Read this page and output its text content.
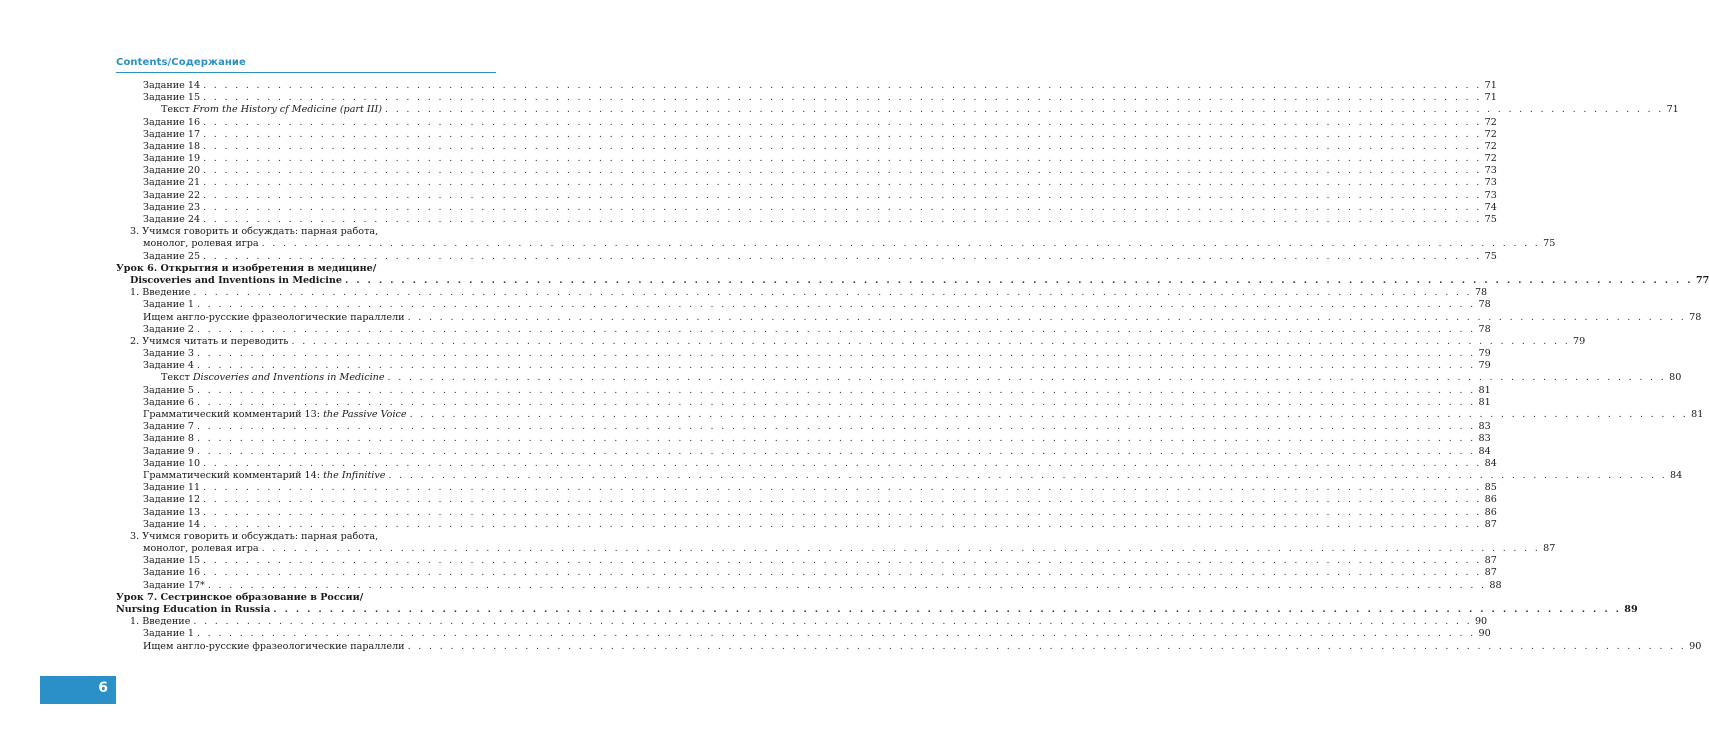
Contents/Содержание
Задание 14 . . . . . . . . . . . . . . . . . . . . . . . . . . . . . . . . . . . . . . . . . . . . . . . . . . . . . . . . . . . . . . . . . . . . . . . . . . . . . . . . . . . . . . . . . . . . . . . . . . . . . . . . . . . . . . . . . . . . . . . . 71
Задание 15 . . . . . . . . . . . . . . . . . . . . . . . . . . . . . . . . . . . . . . . . . . . . . . . . . . . . . . . . . . . . . . . . . . . . . . . . . . . . . . . . . . . . . . . . . . . . . . . . . . . . . . . . . . . . . . . . . . . . . . . . 71
Текст From the History cf Medicine (part III) . . . . . . . . . . . . . . . . . . . . . . . . . . . . . . . . . . . . . . . . . . . . . . . . . . . . . . . . . . . . . . . . . . . . . . . . . . . . . . . . . . . . . . . . . . . . . . . . . . . . . . . . . . . . . . . . . . . . . . . . 71
Задание 16 . . . . . . . . . . . . . . . . . . . . . . . . . . . . . . . . . . . . . . . . . . . . . . . . . . . . . . . . . . . . . . . . . . . . . . . . . . . . . . . . . . . . . . . . . . . . . . . . . . . . . . . . . . . . . . . . . . . . . . . . 72
Задание 17 . . . . . . . . . . . . . . . . . . . . . . . . . . . . . . . . . . . . . . . . . . . . . . . . . . . . . . . . . . . . . . . . . . . . . . . . . . . . . . . . . . . . . . . . . . . . . . . . . . . . . . . . . . . . . . . . . . . . . . . . 72
Задание 18 . . . . . . . . . . . . . . . . . . . . . . . . . . . . . . . . . . . . . . . . . . . . . . . . . . . . . . . . . . . . . . . . . . . . . . . . . . . . . . . . . . . . . . . . . . . . . . . . . . . . . . . . . . . . . . . . . . . . . . . . 72
Задание 19 . . . . . . . . . . . . . . . . . . . . . . . . . . . . . . . . . . . . . . . . . . . . . . . . . . . . . . . . . . . . . . . . . . . . . . . . . . . . . . . . . . . . . . . . . . . . . . . . . . . . . . . . . . . . . . . . . . . . . . . . 72
Задание 20 . . . . . . . . . . . . . . . . . . . . . . . . . . . . . . . . . . . . . . . . . . . . . . . . . . . . . . . . . . . . . . . . . . . . . . . . . . . . . . . . . . . . . . . . . . . . . . . . . . . . . . . . . . . . . . . . . . . . . . . . 73
Задание 21 . . . . . . . . . . . . . . . . . . . . . . . . . . . . . . . . . . . . . . . . . . . . . . . . . . . . . . . . . . . . . . . . . . . . . . . . . . . . . . . . . . . . . . . . . . . . . . . . . . . . . . . . . . . . . . . . . . . . . . . . 73
Задание 22 . . . . . . . . . . . . . . . . . . . . . . . . . . . . . . . . . . . . . . . . . . . . . . . . . . . . . . . . . . . . . . . . . . . . . . . . . . . . . . . . . . . . . . . . . . . . . . . . . . . . . . . . . . . . . . . . . . . . . . . . 73
Задание 23 . . . . . . . . . . . . . . . . . . . . . . . . . . . . . . . . . . . . . . . . . . . . . . . . . . . . . . . . . . . . . . . . . . . . . . . . . . . . . . . . . . . . . . . . . . . . . . . . . . . . . . . . . . . . . . . . . . . . . . . . 74
Задание 24 . . . . . . . . . . . . . . . . . . . . . . . . . . . . . . . . . . . . . . . . . . . . . . . . . . . . . . . . . . . . . . . . . . . . . . . . . . . . . . . . . . . . . . . . . . . . . . . . . . . . . . . . . . . . . . . . . . . . . . . . 75
3. Учимся говорить и обсуждать: парная работа,
монолог, ролевая игра . . . . . . . . . . . . . . . . . . . . . . . . . . . . . . . . . . . . . . . . . . . . . . . . . . . . . . . . . . . . . . . . . . . . . . . . . . . . . . . . . . . . . . . . . . . . . . . . . . . . . . . . . . . . . . . . . . . . . . . . 75
Задание 25 . . . . . . . . . . . . . . . . . . . . . . . . . . . . . . . . . . . . . . . . . . . . . . . . . . . . . . . . . . . . . . . . . . . . . . . . . . . . . . . . . . . . . . . . . . . . . . . . . . . . . . . . . . . . . . . . . . . . . . . . 75
Урок 6. Открытия и изобретения в медицине/
Discoveries and Inventions in Medicine . . . . . . . . . . . . . . . . . . . . . . . . . . . . . . . . . . . . . . . . . . . . . . . . . . . . . . . . . . . . . . . . . . . . . . . . . . . . . . . . . . . . . . . . . . . . . . . . . . . . . . . . . . . . . . . . . . . . . . . . 77
1. Введение . . . . . . . . . . . . . . . . . . . . . . . . . . . . . . . . . . . . . . . . . . . . . . . . . . . . . . . . . . . . . . . . . . . . . . . . . . . . . . . . . . . . . . . . . . . . . . . . . . . . . . . . . . . . . . . . . . . . . . . . 78
Задание 1 . . . . . . . . . . . . . . . . . . . . . . . . . . . . . . . . . . . . . . . . . . . . . . . . . . . . . . . . . . . . . . . . . . . . . . . . . . . . . . . . . . . . . . . . . . . . . . . . . . . . . . . . . . . . . . . . . . . . . . . . 78
Ищем англо-русские фразеологические параллели . . . . . . . . . . . . . . . . . . . . . . . . . . . . . . . . . . . . . . . . . . . . . . . . . . . . . . . . . . . . . . . . . . . . . . . . . . . . . . . . . . . . . . . . . . . . . . . . . . . . . . . . . . . . . . . . . . . . . . . . 78
Задание 2 . . . . . . . . . . . . . . . . . . . . . . . . . . . . . . . . . . . . . . . . . . . . . . . . . . . . . . . . . . . . . . . . . . . . . . . . . . . . . . . . . . . . . . . . . . . . . . . . . . . . . . . . . . . . . . . . . . . . . . . . 78
2. Учимся читать и переводить . . . . . . . . . . . . . . . . . . . . . . . . . . . . . . . . . . . . . . . . . . . . . . . . . . . . . . . . . . . . . . . . . . . . . . . . . . . . . . . . . . . . . . . . . . . . . . . . . . . . . . . . . . . . . . . . . . . . . . . . 79
Задание 3 . . . . . . . . . . . . . . . . . . . . . . . . . . . . . . . . . . . . . . . . . . . . . . . . . . . . . . . . . . . . . . . . . . . . . . . . . . . . . . . . . . . . . . . . . . . . . . . . . . . . . . . . . . . . . . . . . . . . . . . . 79
Задание 4 . . . . . . . . . . . . . . . . . . . . . . . . . . . . . . . . . . . . . . . . . . . . . . . . . . . . . . . . . . . . . . . . . . . . . . . . . . . . . . . . . . . . . . . . . . . . . . . . . . . . . . . . . . . . . . . . . . . . . . . . 79
Текст Discoveries and Inventions in Medicine . . . . . . . . . . . . . . . . . . . . . . . . . . . . . . . . . . . . . . . . . . . . . . . . . . . . . . . . . . . . . . . . . . . . . . . . . . . . . . . . . . . . . . . . . . . . . . . . . . . . . . . . . . . . . . . . . . . . . . . . 80
Задание 5 . . . . . . . . . . . . . . . . . . . . . . . . . . . . . . . . . . . . . . . . . . . . . . . . . . . . . . . . . . . . . . . . . . . . . . . . . . . . . . . . . . . . . . . . . . . . . . . . . . . . . . . . . . . . . . . . . . . . . . . . 81
Задание 6 . . . . . . . . . . . . . . . . . . . . . . . . . . . . . . . . . . . . . . . . . . . . . . . . . . . . . . . . . . . . . . . . . . . . . . . . . . . . . . . . . . . . . . . . . . . . . . . . . . . . . . . . . . . . . . . . . . . . . . . . 81
Грамматический комментарий 13: the Passive Voice . . . . . . . . . . . . . . . . . . . . . . . . . . . . . . . . . . . . . . . . . . . . . . . . . . . . . . . . . . . . . . . . . . . . . . . . . . . . . . . . . . . . . . . . . . . . . . . . . . . . . . . . . . . . . . . . . . . . . . . . 81
Задание 7 . . . . . . . . . . . . . . . . . . . . . . . . . . . . . . . . . . . . . . . . . . . . . . . . . . . . . . . . . . . . . . . . . . . . . . . . . . . . . . . . . . . . . . . . . . . . . . . . . . . . . . . . . . . . . . . . . . . . . . . . 83
Задание 8 . . . . . . . . . . . . . . . . . . . . . . . . . . . . . . . . . . . . . . . . . . . . . . . . . . . . . . . . . . . . . . . . . . . . . . . . . . . . . . . . . . . . . . . . . . . . . . . . . . . . . . . . . . . . . . . . . . . . . . . . 83
Задание 9 . . . . . . . . . . . . . . . . . . . . . . . . . . . . . . . . . . . . . . . . . . . . . . . . . . . . . . . . . . . . . . . . . . . . . . . . . . . . . . . . . . . . . . . . . . . . . . . . . . . . . . . . . . . . . . . . . . . . . . . . 84
Задание 10 . . . . . . . . . . . . . . . . . . . . . . . . . . . . . . . . . . . . . . . . . . . . . . . . . . . . . . . . . . . . . . . . . . . . . . . . . . . . . . . . . . . . . . . . . . . . . . . . . . . . . . . . . . . . . . . . . . . . . . . . 84
Грамматический комментарий 14: the Infinitive . . . . . . . . . . . . . . . . . . . . . . . . . . . . . . . . . . . . . . . . . . . . . . . . . . . . . . . . . . . . . . . . . . . . . . . . . . . . . . . . . . . . . . . . . . . . . . . . . . . . . . . . . . . . . . . . . . . . . . . . 84
Задание 11 . . . . . . . . . . . . . . . . . . . . . . . . . . . . . . . . . . . . . . . . . . . . . . . . . . . . . . . . . . . . . . . . . . . . . . . . . . . . . . . . . . . . . . . . . . . . . . . . . . . . . . . . . . . . . . . . . . . . . . . . 85
Задание 12 . . . . . . . . . . . . . . . . . . . . . . . . . . . . . . . . . . . . . . . . . . . . . . . . . . . . . . . . . . . . . . . . . . . . . . . . . . . . . . . . . . . . . . . . . . . . . . . . . . . . . . . . . . . . . . . . . . . . . . . . 86
Задание 13 . . . . . . . . . . . . . . . . . . . . . . . . . . . . . . . . . . . . . . . . . . . . . . . . . . . . . . . . . . . . . . . . . . . . . . . . . . . . . . . . . . . . . . . . . . . . . . . . . . . . . . . . . . . . . . . . . . . . . . . . 86
Задание 14 . . . . . . . . . . . . . . . . . . . . . . . . . . . . . . . . . . . . . . . . . . . . . . . . . . . . . . . . . . . . . . . . . . . . . . . . . . . . . . . . . . . . . . . . . . . . . . . . . . . . . . . . . . . . . . . . . . . . . . . . 87
3. Учимся говорить и обсуждать: парная работа,
монолог, ролевая игра . . . . . . . . . . . . . . . . . . . . . . . . . . . . . . . . . . . . . . . . . . . . . . . . . . . . . . . . . . . . . . . . . . . . . . . . . . . . . . . . . . . . . . . . . . . . . . . . . . . . . . . . . . . . . . . . . . . . . . . . 87
Задание 15 . . . . . . . . . . . . . . . . . . . . . . . . . . . . . . . . . . . . . . . . . . . . . . . . . . . . . . . . . . . . . . . . . . . . . . . . . . . . . . . . . . . . . . . . . . . . . . . . . . . . . . . . . . . . . . . . . . . . . . . . 87
Задание 16 . . . . . . . . . . . . . . . . . . . . . . . . . . . . . . . . . . . . . . . . . . . . . . . . . . . . . . . . . . . . . . . . . . . . . . . . . . . . . . . . . . . . . . . . . . . . . . . . . . . . . . . . . . . . . . . . . . . . . . . . 87
Задание 17* . . . . . . . . . . . . . . . . . . . . . . . . . . . . . . . . . . . . . . . . . . . . . . . . . . . . . . . . . . . . . . . . . . . . . . . . . . . . . . . . . . . . . . . . . . . . . . . . . . . . . . . . . . . . . . . . . . . . . . . . 88
Урок 7. Сестринское образование в России/
Nursing Education in Russia . . . . . . . . . . . . . . . . . . . . . . . . . . . . . . . . . . . . . . . . . . . . . . . . . . . . . . . . . . . . . . . . . . . . . . . . . . . . . . . . . . . . . . . . . . . . . . . . . . . . . . . . . . . . . . . . . . . . . . . . 89
1. Введение . . . . . . . . . . . . . . . . . . . . . . . . . . . . . . . . . . . . . . . . . . . . . . . . . . . . . . . . . . . . . . . . . . . . . . . . . . . . . . . . . . . . . . . . . . . . . . . . . . . . . . . . . . . . . . . . . . . . . . . . 90
Задание 1 . . . . . . . . . . . . . . . . . . . . . . . . . . . . . . . . . . . . . . . . . . . . . . . . . . . . . . . . . . . . . . . . . . . . . . . . . . . . . . . . . . . . . . . . . . . . . . . . . . . . . . . . . . . . . . . . . . . . . . . . 90
Ищем англо-русские фразеологические параллели . . . . . . . . . . . . . . . . . . . . . . . . . . . . . . . . . . . . . . . . . . . . . . . . . . . . . . . . . . . . . . . . . . . . . . . . . . . . . . . . . . . . . . . . . . . . . . . . . . . . . . . . . . . . . . . . . . . . . . . . 90
6
